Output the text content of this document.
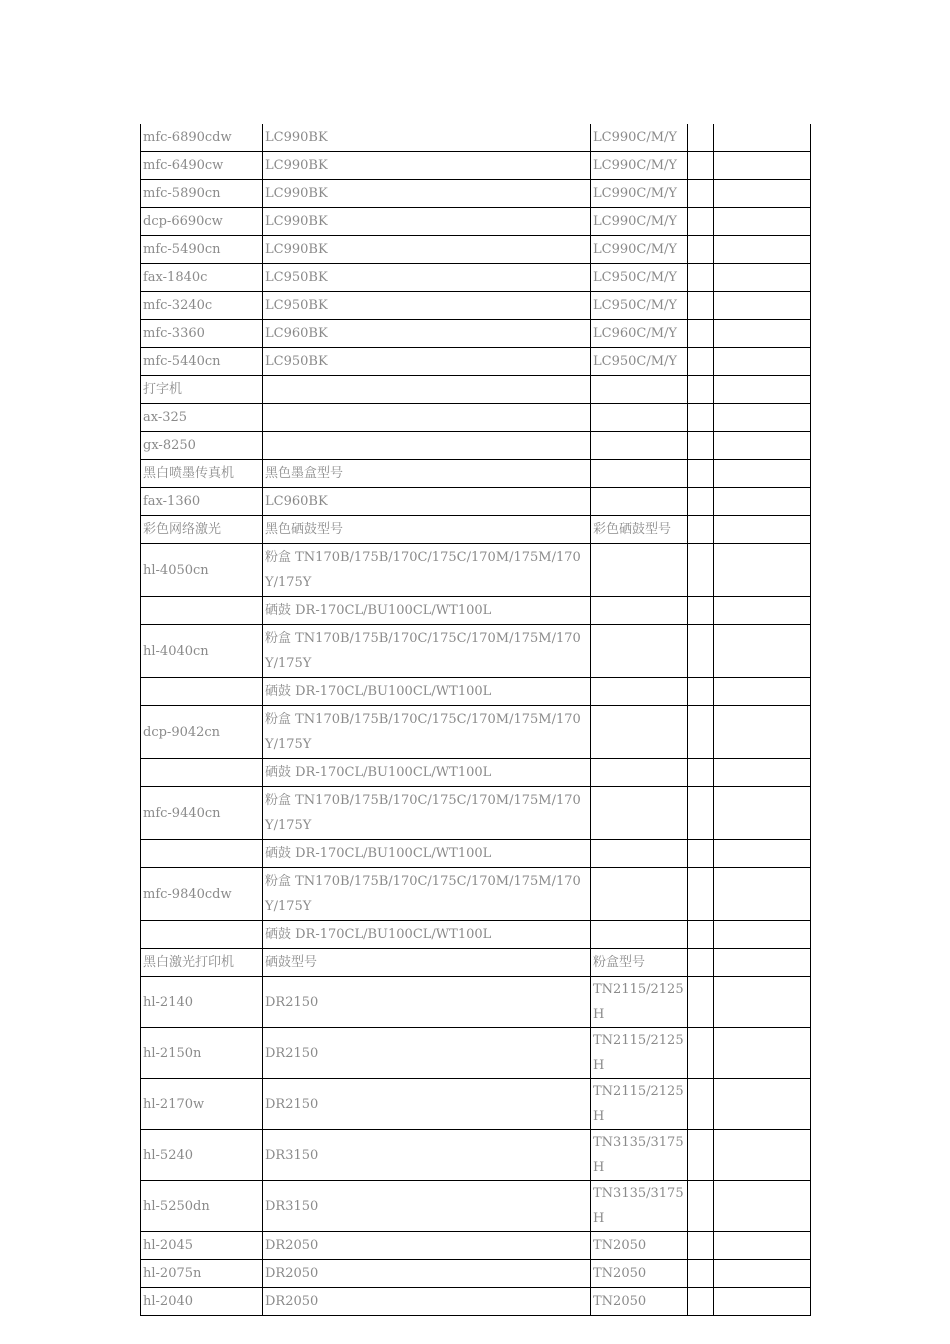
mfc-6890cdw	LC990BK	LC990C/M/Y		
mfc-6490cw	LC990BK	LC990C/M/Y		
mfc-5890cn	LC990BK	LC990C/M/Y		
dcp-6690cw	LC990BK	LC990C/M/Y		
mfc-5490cn	LC990BK	LC990C/M/Y		
fax-1840c	LC950BK	LC950C/M/Y		
mfc-3240c	LC950BK	LC950C/M/Y		
mfc-3360	LC960BK	LC960C/M/Y		
mfc-5440cn	LC950BK	LC950C/M/Y		
打字机				
ax-325				
gx-8250				
黑白喷墨传真机	黑色墨盒型号			
fax-1360	LC960BK			
彩色网络激光	黑色硒鼓型号	彩色硒鼓型号		
hl-4050cn	粉盒 TN170B/175B/170C/175C/170M/175M/170Y/175Y			
	硒鼓 DR-170CL/BU100CL/WT100L			
hl-4040cn	粉盒 TN170B/175B/170C/175C/170M/175M/170Y/175Y			
	硒鼓 DR-170CL/BU100CL/WT100L			
dcp-9042cn	粉盒 TN170B/175B/170C/175C/170M/175M/170Y/175Y			
	硒鼓 DR-170CL/BU100CL/WT100L			
mfc-9440cn	粉盒 TN170B/175B/170C/175C/170M/175M/170Y/175Y			
	硒鼓 DR-170CL/BU100CL/WT100L			
mfc-9840cdw	粉盒 TN170B/175B/170C/175C/170M/175M/170Y/175Y			
	硒鼓 DR-170CL/BU100CL/WT100L			
黑白激光打印机	硒鼓型号	粉盒型号		
hl-2140	DR2150	TN2115/2125H		
hl-2150n	DR2150	TN2115/2125H		
hl-2170w	DR2150	TN2115/2125H		
hl-5240	DR3150	TN3135/3175H		
hl-5250dn	DR3150	TN3135/3175H		
hl-2045	DR2050	TN2050		
hl-2075n	DR2050	TN2050		
hl-2040	DR2050	TN2050		
